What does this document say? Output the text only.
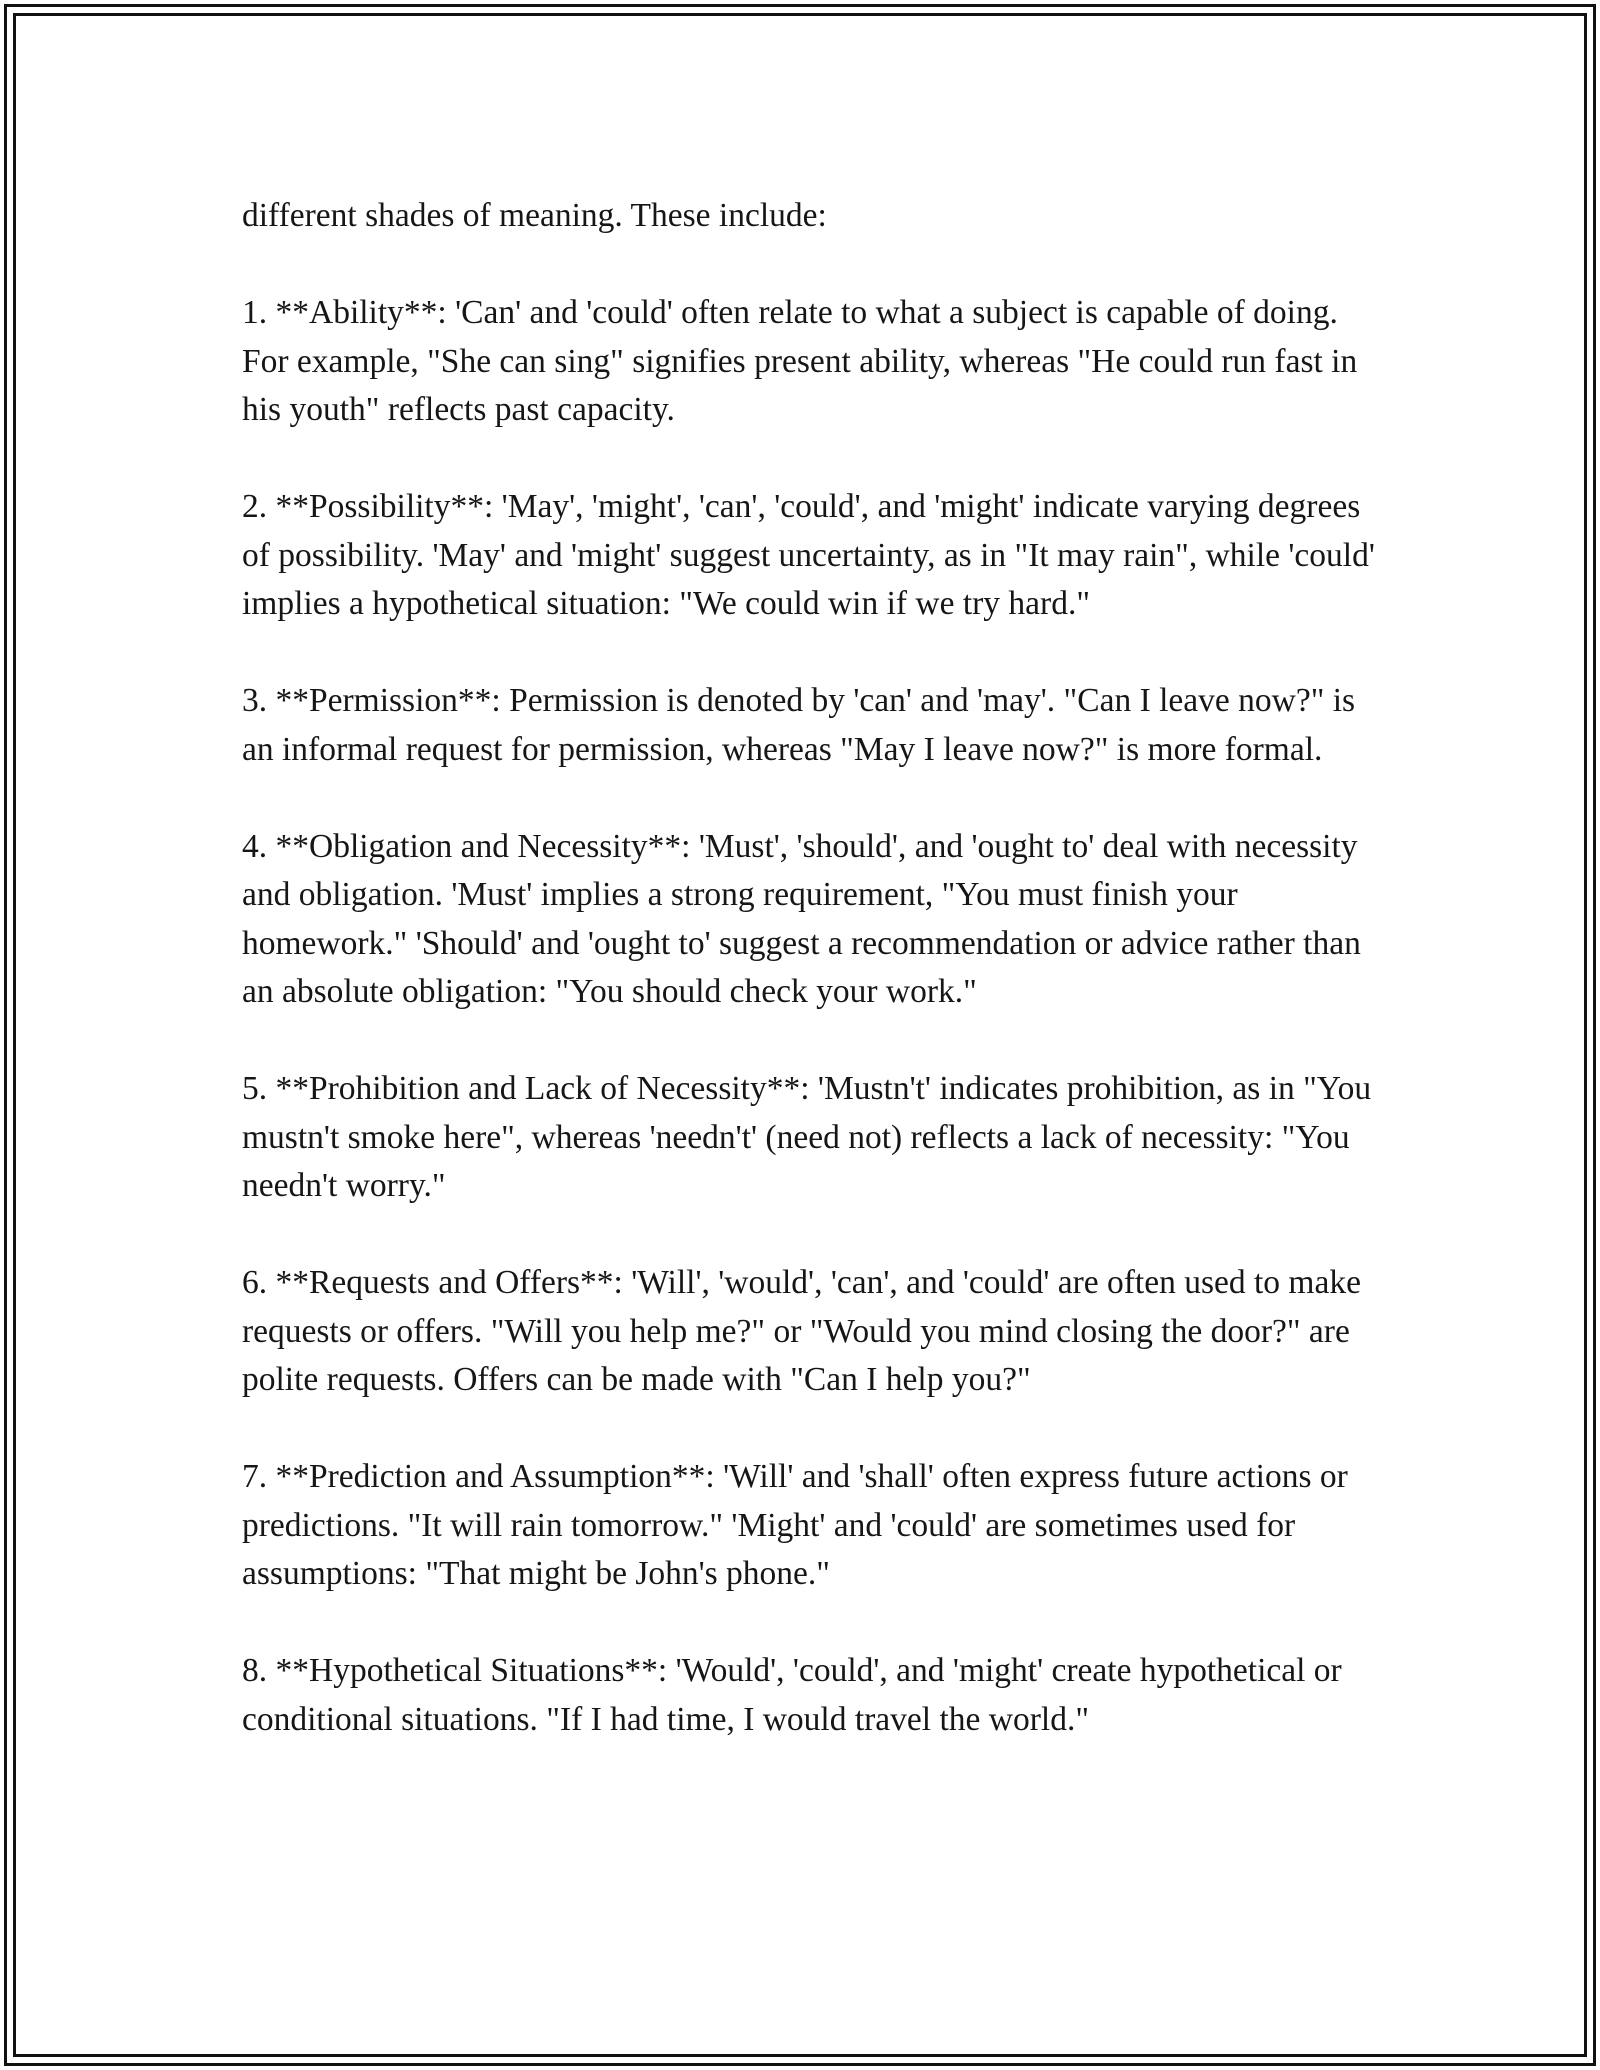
different shades of meaning. These include:

1. **Ability**: 'Can' and 'could' often relate to what a subject is capable of doing. For example, "She can sing" signifies present ability, whereas "He could run fast in his youth" reflects past capacity.

2. **Possibility**: 'May', 'might', 'can', 'could', and 'might' indicate varying degrees of possibility. 'May' and 'might' suggest uncertainty, as in "It may rain", while 'could' implies a hypothetical situation: "We could win if we try hard."

3. **Permission**: Permission is denoted by 'can' and 'may'. "Can I leave now?" is an informal request for permission, whereas "May I leave now?" is more formal.

4. **Obligation and Necessity**: 'Must', 'should', and 'ought to' deal with necessity and obligation. 'Must' implies a strong requirement, "You must finish your homework." 'Should' and 'ought to' suggest a recommendation or advice rather than an absolute obligation: "You should check your work."

5. **Prohibition and Lack of Necessity**: 'Mustn't' indicates prohibition, as in "You mustn't smoke here", whereas 'needn't' (need not) reflects a lack of necessity: "You needn't worry."

6. **Requests and Offers**: 'Will', 'would', 'can', and 'could' are often used to make requests or offers. "Will you help me?" or "Would you mind closing the door?" are polite requests. Offers can be made with "Can I help you?"

7. **Prediction and Assumption**: 'Will' and 'shall' often express future actions or predictions. "It will rain tomorrow." 'Might' and 'could' are sometimes used for assumptions: "That might be John's phone."

8. **Hypothetical Situations**: 'Would', 'could', and 'might' create hypothetical or conditional situations. "If I had time, I would travel the world."
